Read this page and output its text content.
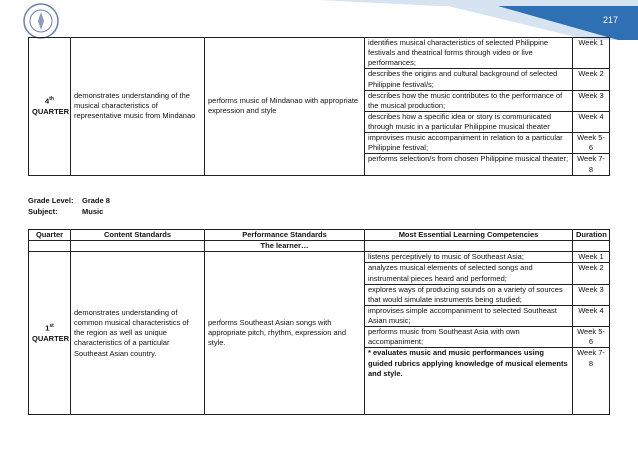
217
4th
QUARTER	demonstrates understanding of the musical characteristics of representative music from Mindanao	performs music of Mindanao with appropriate expression and style	identifies musical characteristics of selected Philippine festivals and theatrical forms through video or live performances;	Week 1
			describes the origins and cultural background of selected Philippine festival/s;	Week 2
			describes how the music contributes to the performance of the musical production;	Week 3
			describes how a specific idea or story is communicated through music in a particular Philippine musical theater	Week 4
			improvises music accompaniment in relation to a particular Philippine festival;	Week 5-6
			performs selection/s from chosen Philippine musical theater;	Week 7-8
Grade Level: Grade 8
Subject:	Music
Quarter	Content Standards	Performance Standards	Most Essential Learning Competencies	Duration
		The learner…		
1st
QUARTER	demonstrates understanding of common musical characteristics of the region as well as unique characteristics of a particular Southeast Asian country.	performs Southeast Asian songs with appropriate pitch, rhythm, expression and style.	listens perceptively to music of Southeast Asia;	Week 1
			analyzes musical elements of selected songs and instrumental pieces heard and performed;	Week 2
			explores ways of producing sounds on a variety of sources that would simulate instruments being studied;	Week 3
			improvises simple accompaniment to selected Southeast Asian music;	Week 4
			performs music from Southeast Asia with own accompaniment;	Week 5-6
			* evaluates music and music performances using guided rubrics applying knowledge of musical elements and style.	Week 7-8
